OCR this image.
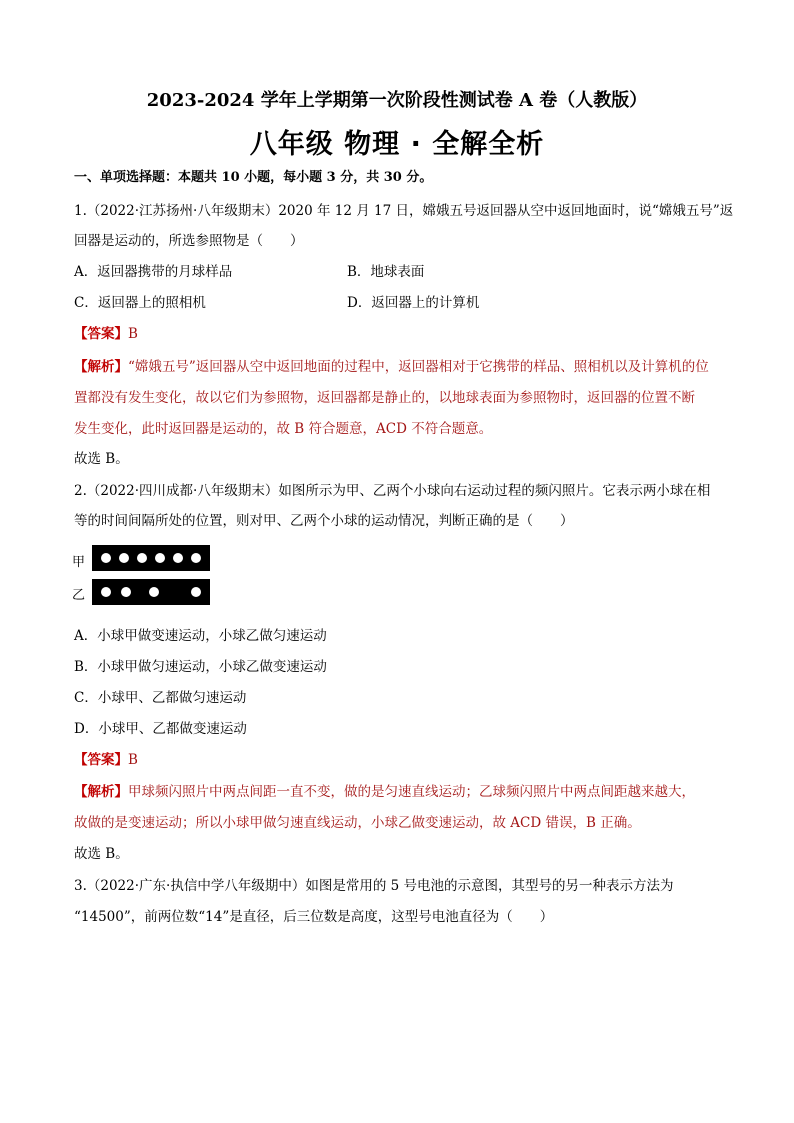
2023-2024 学年上学期第一次阶段性测试卷 A 卷（人教版）
八年级 物理 · 全解全析
一、单项选择题：本题共 10 小题，每小题 3 分，共 30 分。
1.（2022·江苏扬州·八年级期末）2020 年 12 月 17 日，嫦娥五号返回器从空中返回地面时，说“嫦娥五号”返
回器是运动的，所选参照物是（　　）
A．返回器携带的月球样品	B．地球表面
C．返回器上的照相机	D．返回器上的计算机
【答案】B
【解析】“嫦娥五号”返回器从空中返回地面的过程中，返回器相对于它携带的样品、照相机以及计算机的位
置都没有发生变化，故以它们为参照物，返回器都是静止的，以地球表面为参照物时，返回器的位置不断
发生变化，此时返回器是运动的，故 B 符合题意，ACD 不符合题意。
故选 B。
2.（2022·四川成都·八年级期末）如图所示为甲、乙两个小球向右运动过程的频闪照片。它表示两小球在相
等的时间间隔所处的位置，则对甲、乙两个小球的运动情况，判断正确的是（　　）
甲
乙
A．小球甲做变速运动，小球乙做匀速运动
B．小球甲做匀速运动，小球乙做变速运动
C．小球甲、乙都做匀速运动
D．小球甲、乙都做变速运动
【答案】B
【解析】甲球频闪照片中两点间距一直不变，做的是匀速直线运动；乙球频闪照片中两点间距越来越大，
故做的是变速运动；所以小球甲做匀速直线运动，小球乙做变速运动，故 ACD 错误，B 正确。
故选 B。
3.（2022·广东·执信中学八年级期中）如图是常用的 5 号电池的示意图，其型号的另一种表示方法为
“14500”，前两位数“14”是直径，后三位数是高度，这型号电池直径为（　　）
